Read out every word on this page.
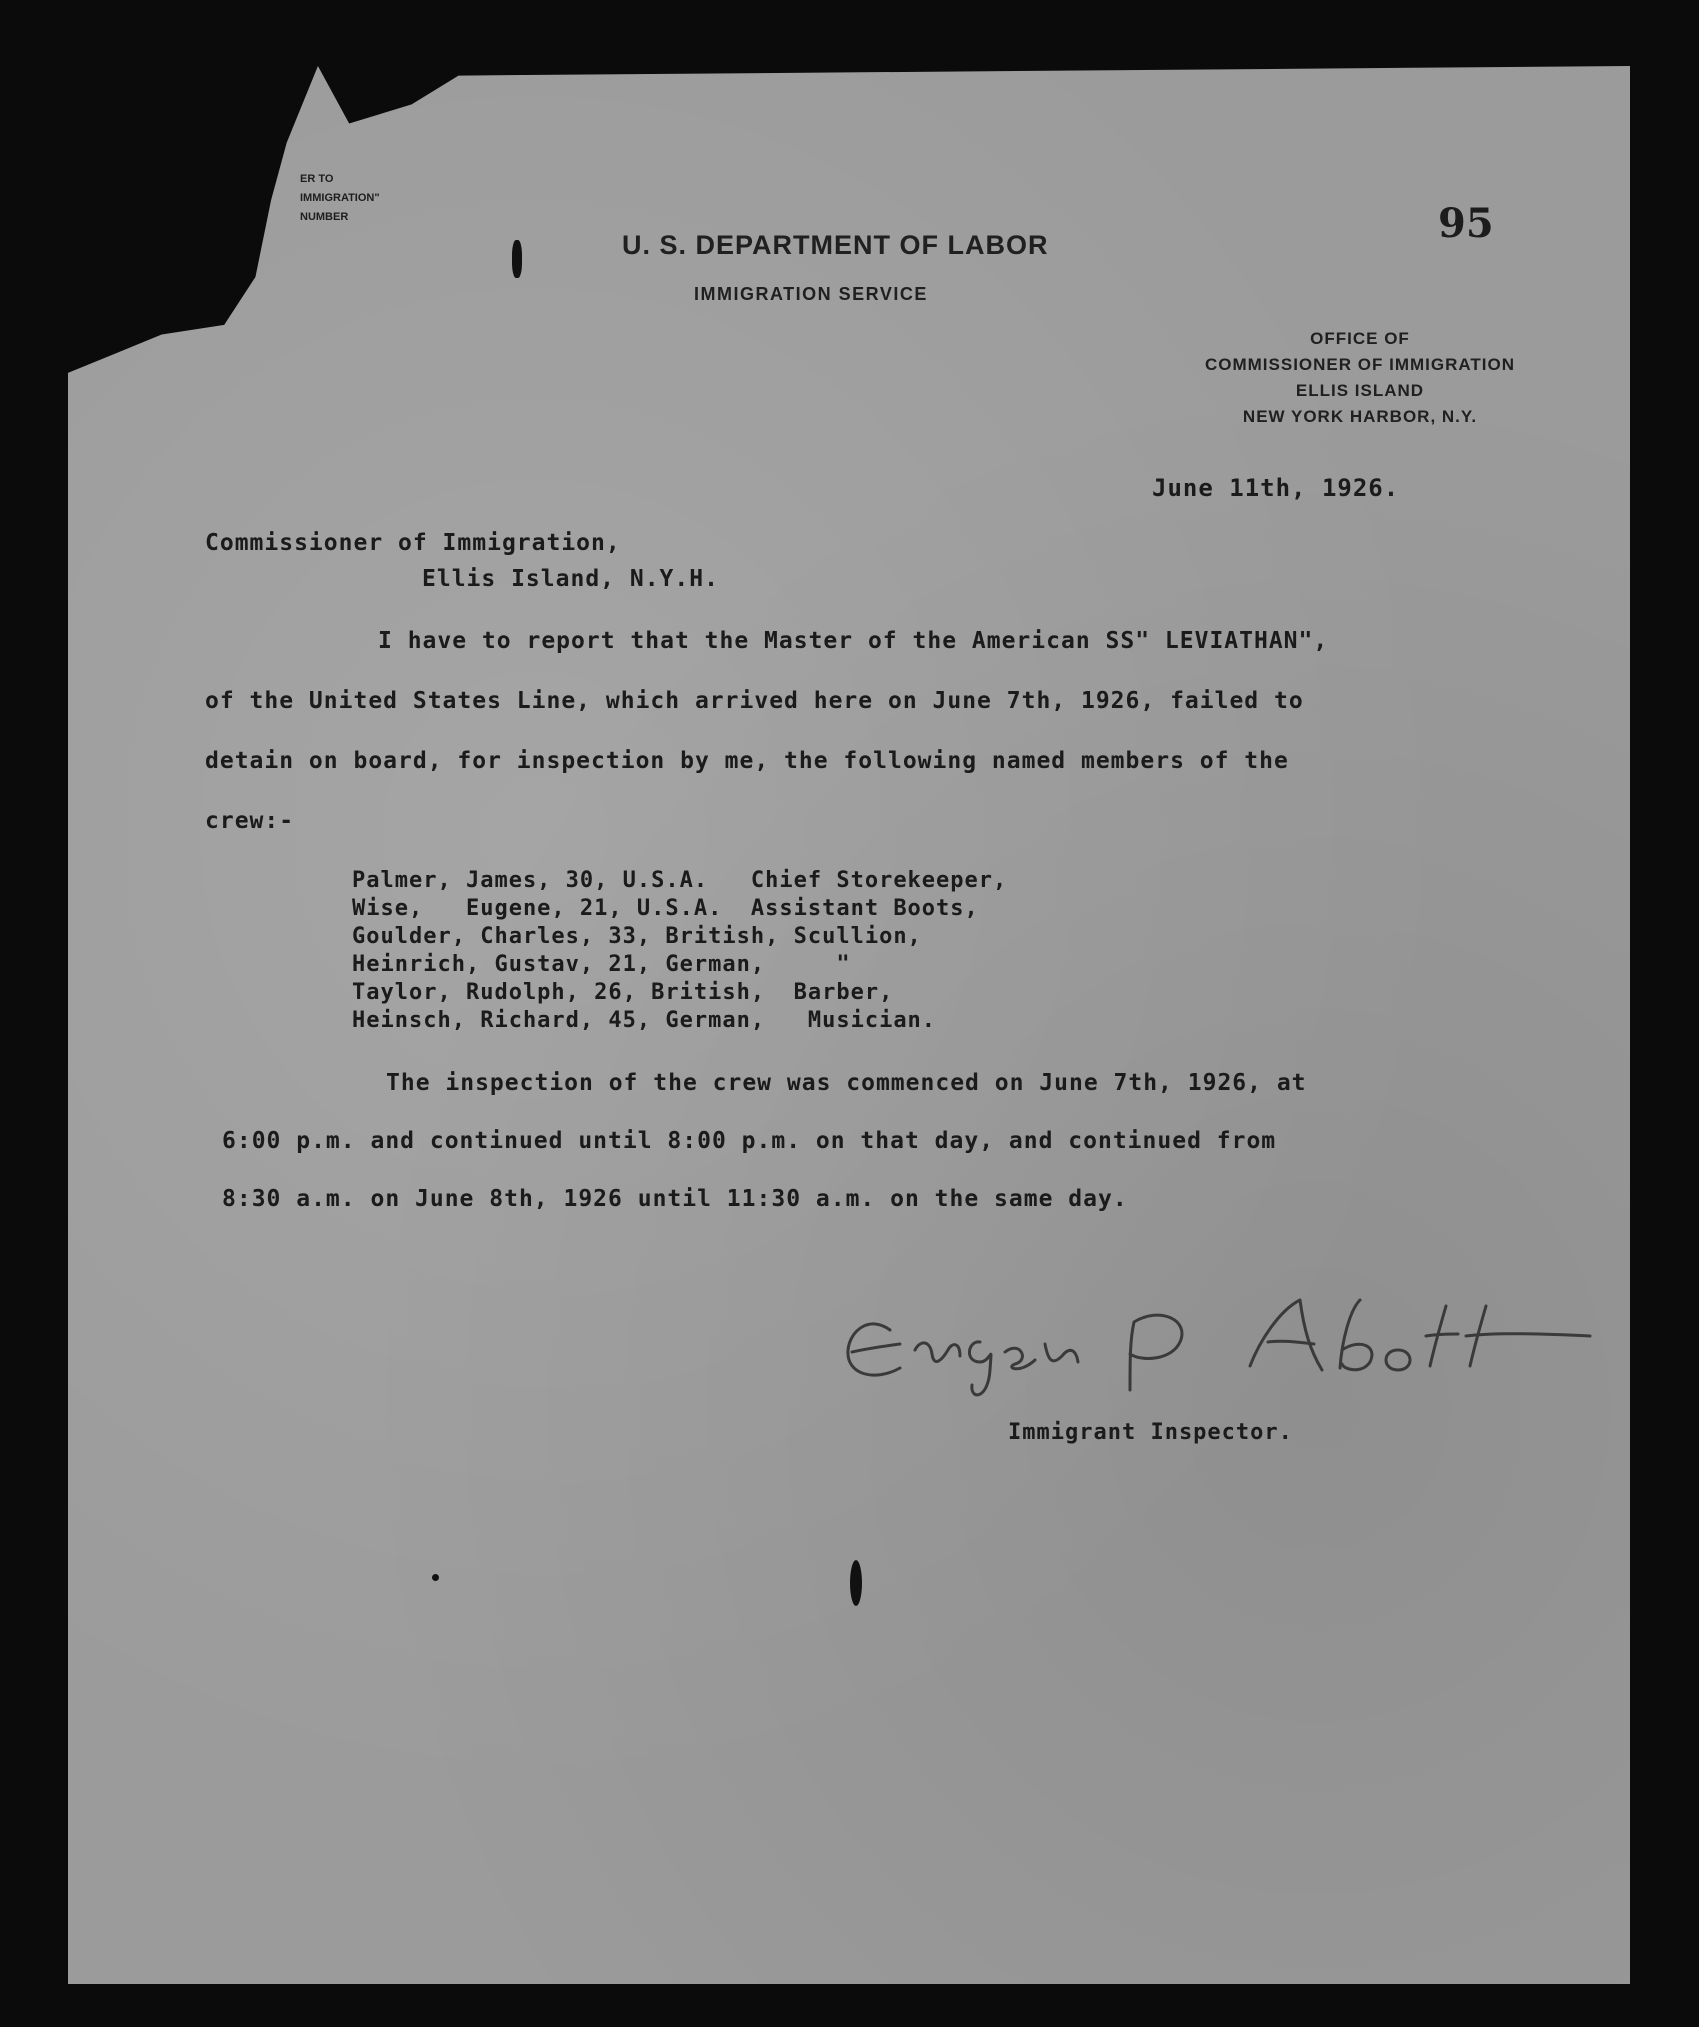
ER TO
IMMIGRATION"
NUMBER	95
U. S. DEPARTMENT OF LABOR
IMMIGRATION SERVICE
OFFICE OF
COMMISSIONER OF IMMIGRATION
ELLIS ISLAND
NEW YORK HARBOR, N.Y.
June 11th, 1926.
Commissioner of Immigration,
Ellis Island, N.Y.H.
I have to report that the Master of the American SS" LEVIATHAN",
of the United States Line, which arrived here on June 7th, 1926, failed to
detain on board, for inspection by me, the following named members of the
crew:-
Palmer, James, 30, U.S.A.   Chief Storekeeper,
Wise,   Eugene, 21, U.S.A.  Assistant Boots,
Goulder, Charles, 33, British, Scullion,
Heinrich, Gustav, 21, German,     "
Taylor, Rudolph, 26, British,  Barber,
Heinsch, Richard, 45, German,   Musician.
The inspection of the crew was commenced on June 7th, 1926, at
6:00 p.m. and continued until 8:00 p.m. on that day, and continued from
8:30 a.m. on June 8th, 1926 until 11:30 a.m. on the same day.
Immigrant Inspector.
